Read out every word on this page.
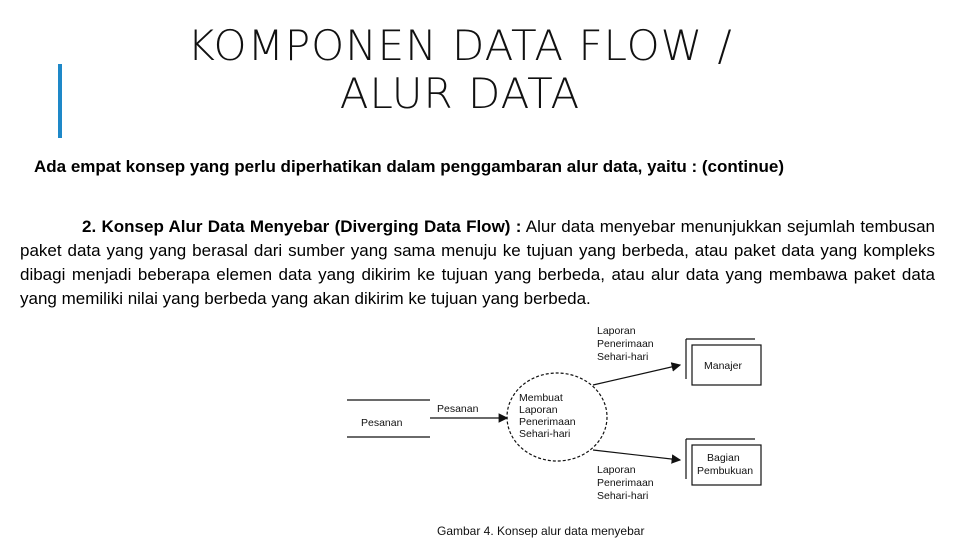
KOMPONEN DATA FLOW /
ALUR DATA
Ada empat konsep yang perlu diperhatikan dalam penggambaran alur data, yaitu : (continue)
2. Konsep Alur Data Menyebar (Diverging Data Flow) : Alur data menyebar menunjukkan sejumlah tembusan paket data yang yang berasal dari sumber yang sama menuju ke tujuan yang berbeda, atau paket data yang kompleks dibagi menjadi beberapa elemen data yang dikirim ke tujuan yang berbeda, atau alur data yang membawa paket data yang memiliki nilai yang berbeda yang akan dikirim ke tujuan yang berbeda.
Pesanan
Pesanan
Membuat
Laporan
Penerimaan
Sehari-hari
Laporan
Penerimaan
Sehari-hari
Laporan
Penerimaan
Sehari-hari
Manajer
Bagian
Pembukuan
Gambar 4. Konsep alur data menyebar
